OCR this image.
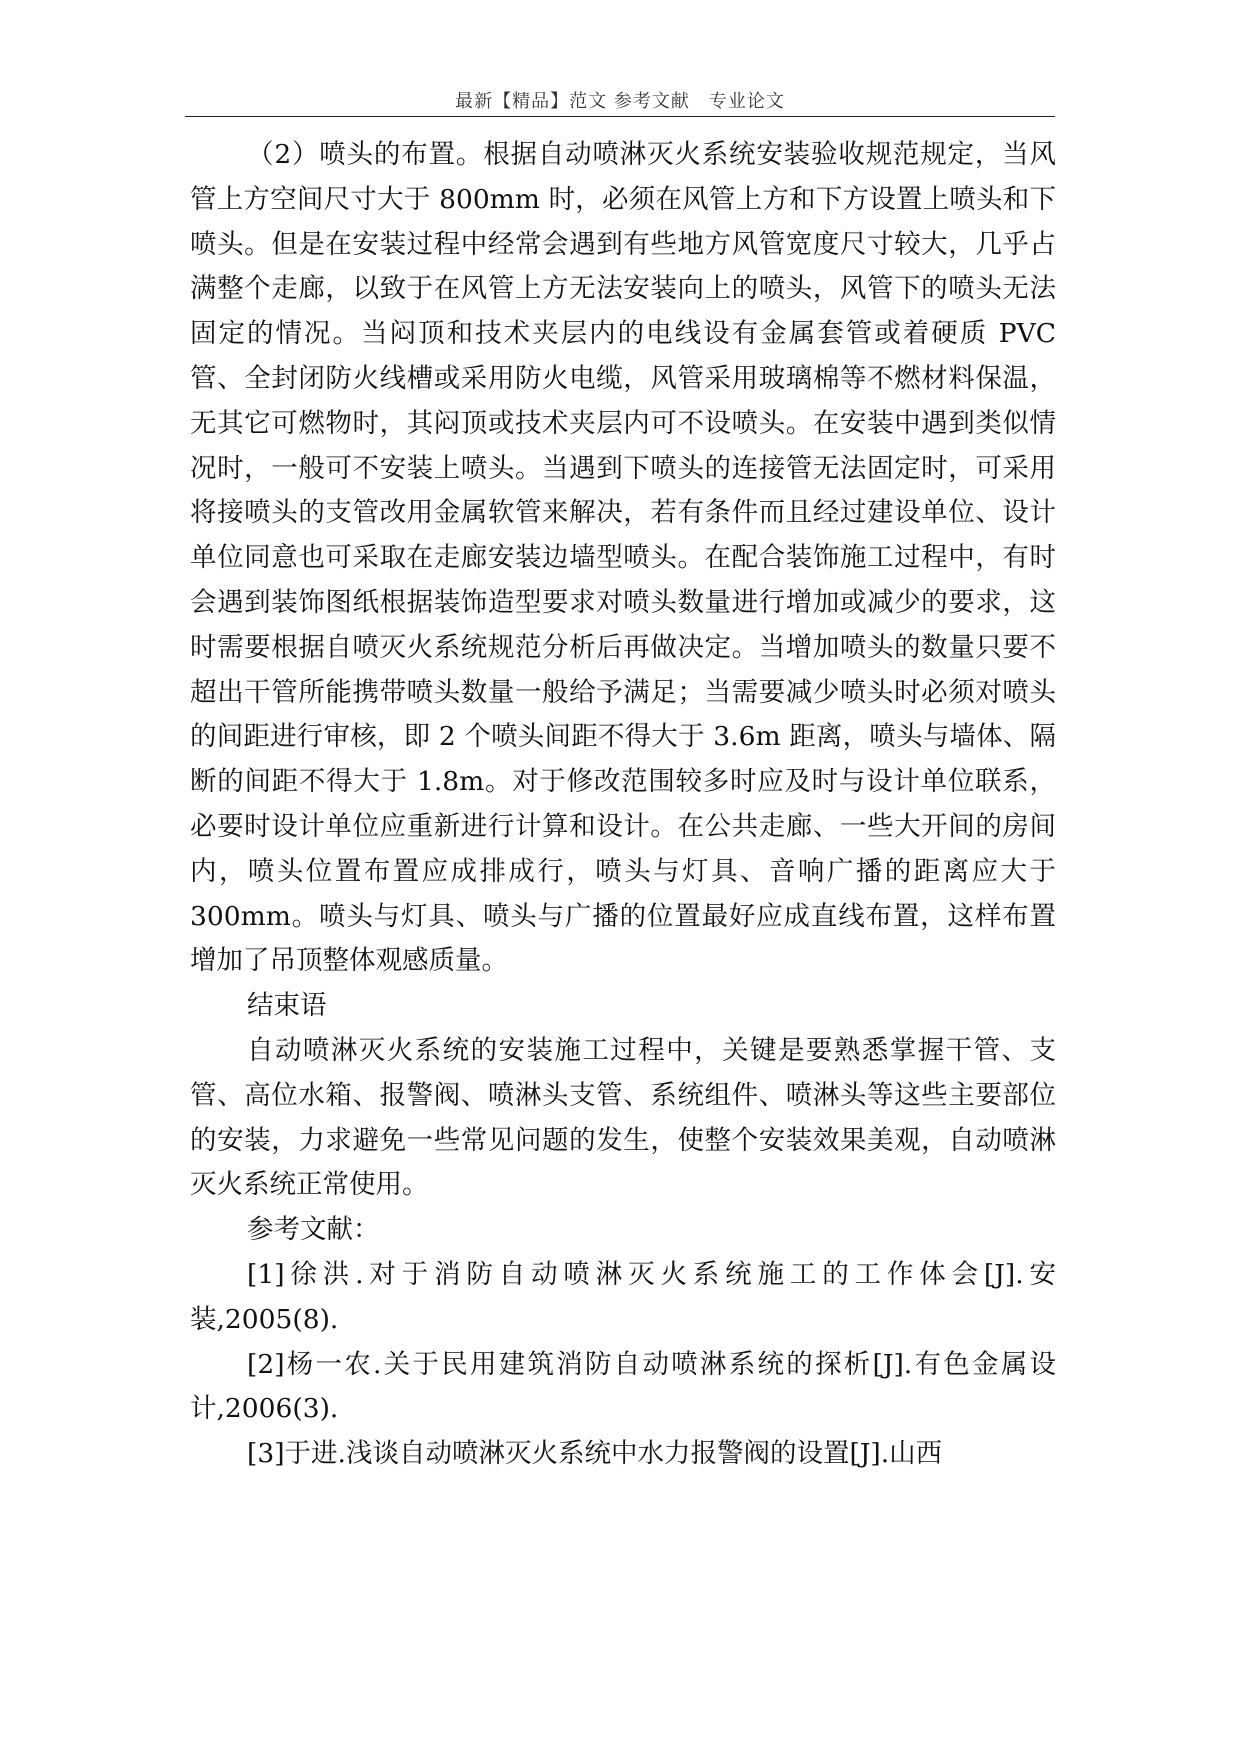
最新【精品】范文 参考文献　专业论文

（2）喷头的布置。根据自动喷淋灭火系统安装验收规范规定，当风管上方空间尺寸大于 800mm 时，必须在风管上方和下方设置上喷头和下喷头。但是在安装过程中经常会遇到有些地方风管宽度尺寸较大，几乎占满整个走廊，以致于在风管上方无法安装向上的喷头，风管下的喷头无法固定的情况。当闷顶和技术夹层内的电线设有金属套管或着硬质 PVC 管、全封闭防火线槽或采用防火电缆，风管采用玻璃棉等不燃材料保温，无其它可燃物时，其闷顶或技术夹层内可不设喷头。在安装中遇到类似情况时，一般可不安装上喷头。当遇到下喷头的连接管无法固定时，可采用将接喷头的支管改用金属软管来解决，若有条件而且经过建设单位、设计单位同意也可采取在走廊安装边墙型喷头。在配合装饰施工过程中，有时会遇到装饰图纸根据装饰造型要求对喷头数量进行增加或减少的要求，这时需要根据自喷灭火系统规范分析后再做决定。当增加喷头的数量只要不超出干管所能携带喷头数量一般给予满足；当需要减少喷头时必须对喷头的间距进行审核，即 2 个喷头间距不得大于 3.6m 距离，喷头与墙体、隔断的间距不得大于 1.8m。对于修改范围较多时应及时与设计单位联系，必要时设计单位应重新进行计算和设计。在公共走廊、一些大开间的房间内，喷头位置布置应成排成行，喷头与灯具、音响广播的距离应大于 300mm。喷头与灯具、喷头与广播的位置最好应成直线布置，这样布置增加了吊顶整体观感质量。

结束语

自动喷淋灭火系统的安装施工过程中，关键是要熟悉掌握干管、支管、高位水箱、报警阀、喷淋头支管、系统组件、喷淋头等这些主要部位的安装，力求避免一些常见问题的发生，使整个安装效果美观，自动喷淋灭火系统正常使用。

参考文献：

[1]徐洪.对于消防自动喷淋灭火系统施工的工作体会[J].安装,2005(8).

[2]杨一农.关于民用建筑消防自动喷淋系统的探析[J].有色金属设计,2006(3).

[3]于进.浅谈自动喷淋灭火系统中水力报警阀的设置[J].山西
